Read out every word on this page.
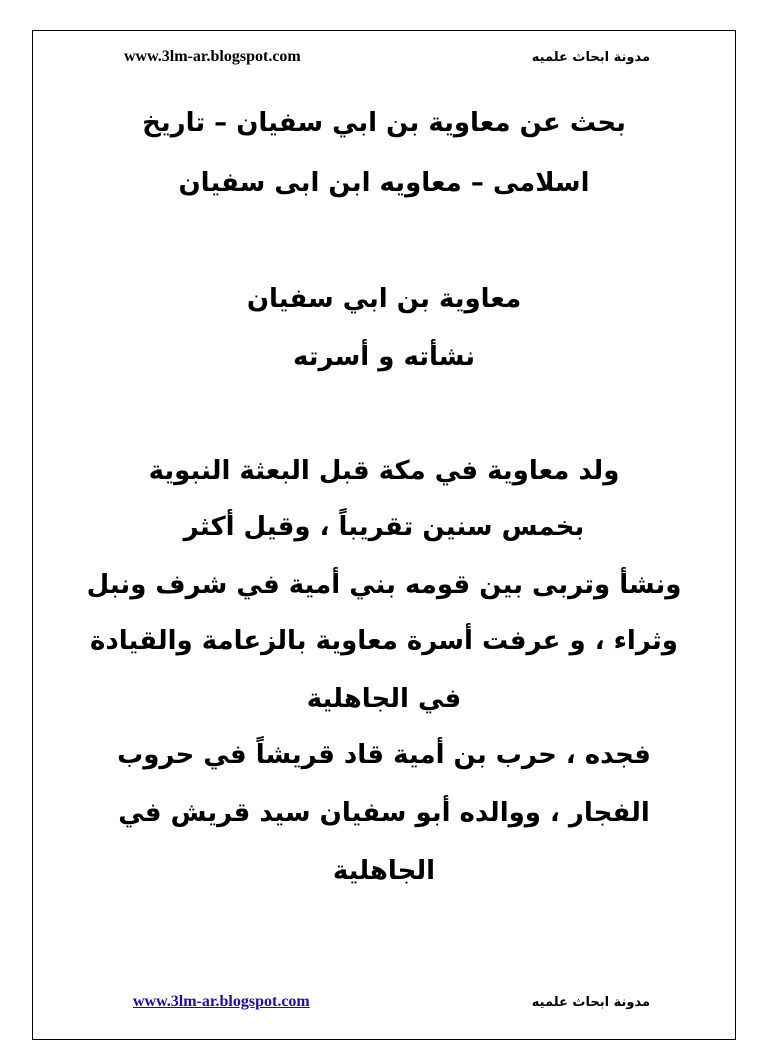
www.3lm-ar.blogspot.com	مدونة ابحاث علميه
بحث عن معاوية بن ابي سفيان – تاريخ
اسلامى – معاويه ابن ابى سفيان
معاوية بن ابي سفيان
نشأته و أسرته
ولد معاوية في مكة قبل البعثة النبوية
بخمس سنين تقريباً ، وقيل أكثر
ونشأ وتربى بين قومه بني أمية في شرف ونبل
وثراء ، و عرفت أسرة معاوية بالزعامة والقيادة
في الجاهلية
فجده ، حرب بن أمية قاد قريشاً في حروب
الفجار ، ووالده أبو سفيان سيد قريش في
الجاهلية
www.3lm-ar.blogspot.com	مدونة ابحاث علميه
